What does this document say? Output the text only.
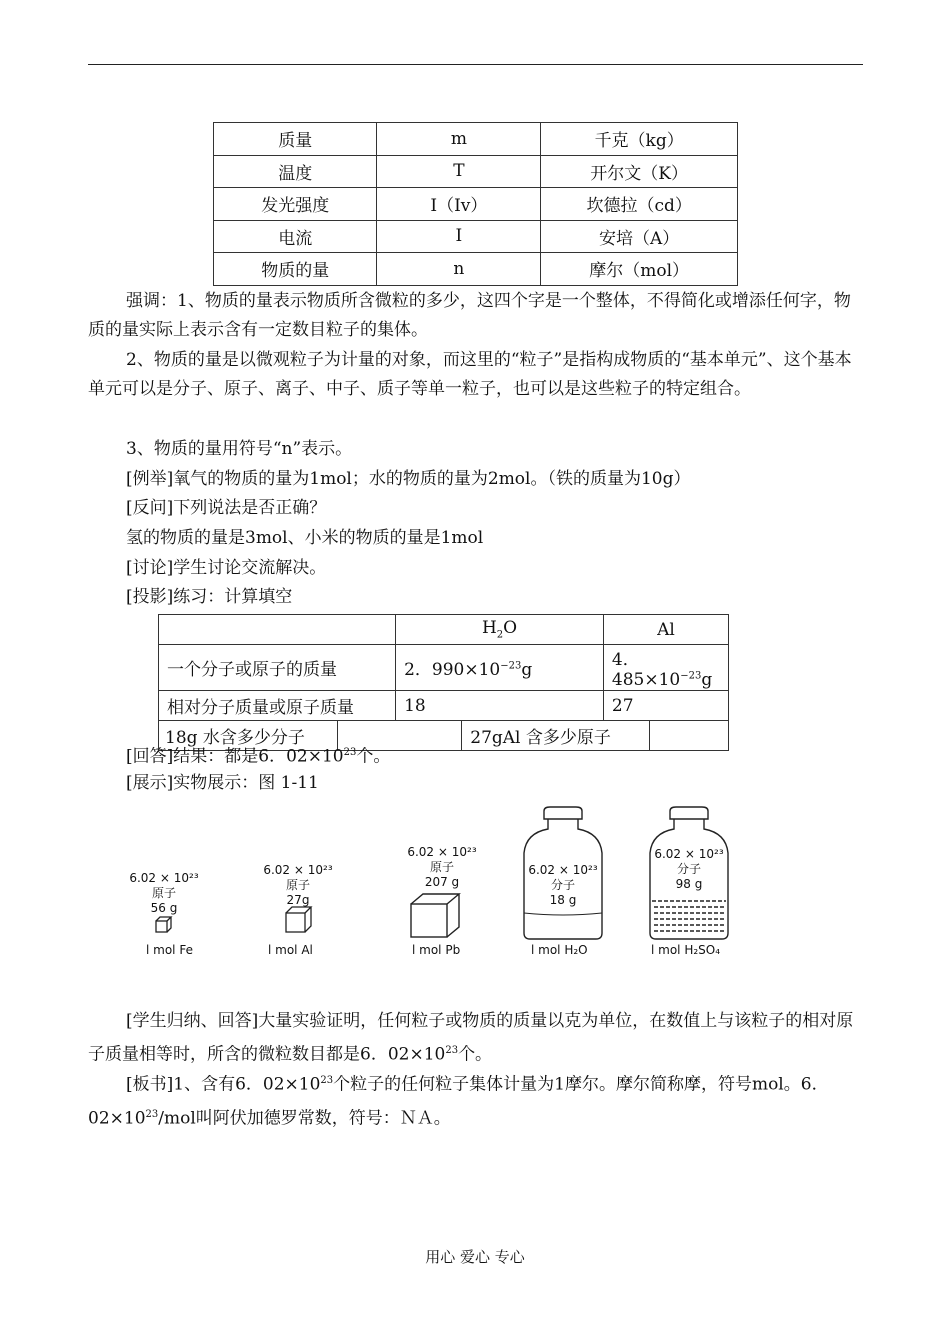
质量	m	千克（kg）
温度	T	开尔文（K）
发光强度	I（Iv）	坎德拉（cd）
电流	I	安培（A）
物质的量	n	摩尔（mol）
强调：1、物质的量表示物质所含微粒的多少，这四个字是一个整体，不得简化或增添任何字，物质的量实际上表示含有一定数目粒子的集体。
2、物质的量是以微观粒子为计量的对象，而这里的“粒子”是指构成物质的“基本单元”、这个基本单元可以是分子、原子、离子、中子、质子等单一粒子，也可以是这些粒子的特定组合。
3、物质的量用符号“n”表示。
[例举]氧气的物质的量为1mol；水的物质的量为2mol。（铁的质量为10g）
[反问]下列说法是否正确？
氢的物质的量是3mol、小米的物质的量是1mol
[讨论]学生讨论交流解决。
[投影]练习：计算填空
		$H_2O$		Al	
一个分子或原子的质量		2．$990\times 10^{-23}g$		4．$485\times 10^{-23}g$	
相对分子质量或原子质量		18		27	
18g 水含多少分子			27gAl 含多少原子		
[回答]结果：都是6．$02\times 10^{23}$个。
[展示]实物展示：图 1-11
6.02 × 10²³
原子
56 g
l mol Fe
6.02 × 10²³
原子
27g
l mol Al
6.02 × 10²³
原子
207 g
l mol Pb
6.02 × 10²³
分子
18 g
l mol H₂O
6.02 × 10²³
分子
98 g
l mol H₂SO₄
[学生归纳、回答]大量实验证明，任何粒子或物质的质量以克为单位，在数值上与该粒子的相对原子质量相等时，所含的微粒数目都是6．$02\times 10^{23}$个。
[板书]1、含有6．$02\times 10^{23}$个粒子的任何粒子集体计量为1摩尔。摩尔简称摩，符号mol。6．$02\times 10^{23}$/mol叫阿伏加德罗常数，符号：ＮＡ。
用心 爱心 专心
